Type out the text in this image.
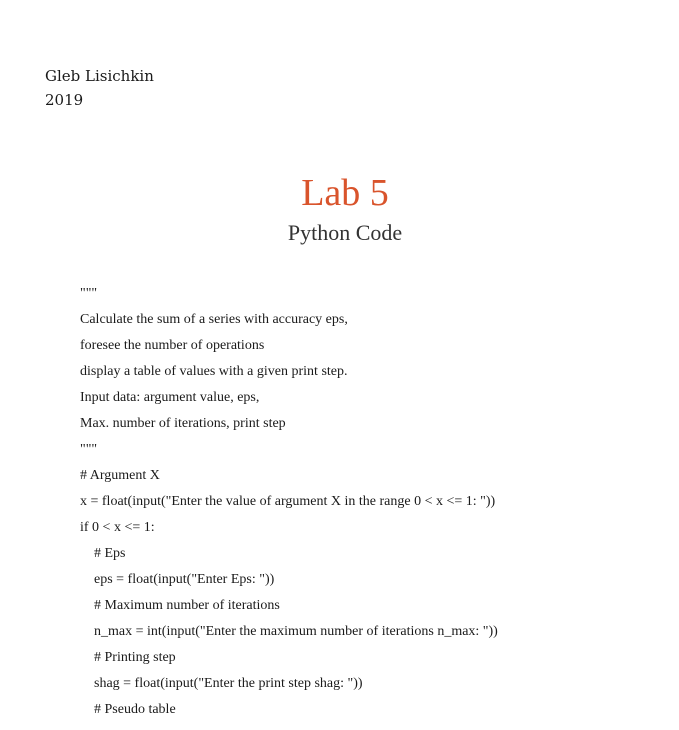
Gleb Lisichkin
2019
Lab 5
Python Code
"""
Calculate the sum of a series with accuracy eps,
foresee the number of operations
display a table of values with a given print step.
Input data: argument value, eps,
Max. number of iterations, print step
"""
# Argument X
x = float(input("Enter the value of argument X in the range 0 < x <= 1: "))
if 0 < x <= 1:
# Eps
eps = float(input("Enter Eps: "))
# Maximum number of iterations
n_max = int(input("Enter the maximum number of iterations n_max: "))
# Printing step
shag = float(input("Enter the print step shag: "))
# Pseudo table
